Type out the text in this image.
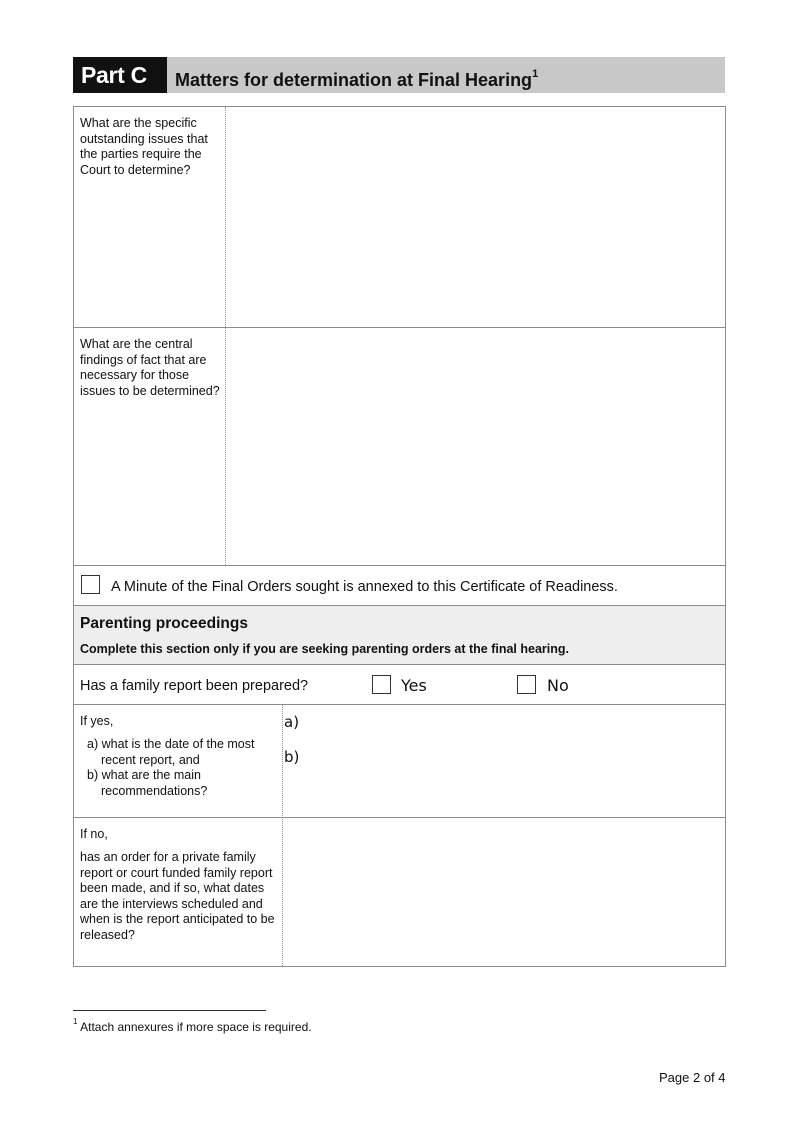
Part C	Matters for determination at Final Hearing$^1$
What are the specific outstanding issues that the parties require the Court to determine?
What are the central findings of fact that are necessary for those issues to be determined?
A Minute of the Final Orders sought is annexed to this Certificate of Readiness.
Parenting proceedings
Complete this section only if you are seeking parenting orders at the final hearing.
Has a family report been prepared?	Yes	No
If yes,
a) what is the date of the most
recent report, and
b) what are the main
recommendations?
a)
b)
If no,
has an order for a private family report or court funded family report been made, and if so, what dates are the interviews scheduled and when is the report anticipated to be released?
$^1$ Attach annexures if more space is required.
Page 2 of 4
